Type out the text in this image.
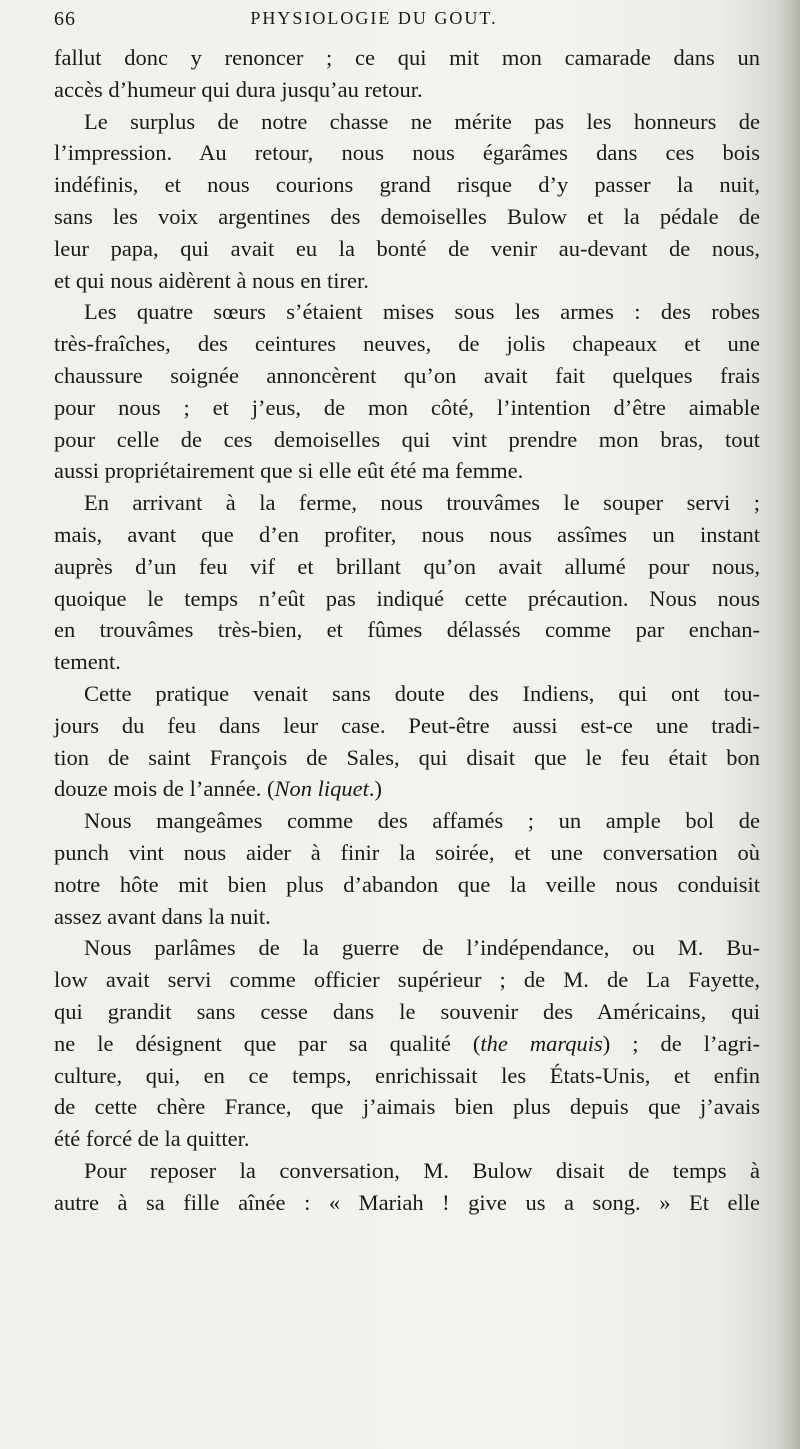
66	PHYSIOLOGIE DU GOUT.
fallut donc y renoncer ; ce qui mit mon camarade dans un
accès d’humeur qui dura jusqu’au retour.
Le surplus de notre chasse ne mérite pas les honneurs de
l’impression. Au retour, nous nous égarâmes dans ces bois
indéfinis, et nous courions grand risque d’y passer la nuit,
sans les voix argentines des demoiselles Bulow et la pédale de
leur papa, qui avait eu la bonté de venir au-devant de nous,
et qui nous aidèrent à nous en tirer.
Les quatre sœurs s’étaient mises sous les armes : des robes
très-fraîches, des ceintures neuves, de jolis chapeaux et une
chaussure soignée annoncèrent qu’on avait fait quelques frais
pour nous ; et j’eus, de mon côté, l’intention d’être aimable
pour celle de ces demoiselles qui vint prendre mon bras, tout
aussi propriétairement que si elle eût été ma femme.
En arrivant à la ferme, nous trouvâmes le souper servi ;
mais, avant que d’en profiter, nous nous assîmes un instant
auprès d’un feu vif et brillant qu’on avait allumé pour nous,
quoique le temps n’eût pas indiqué cette précaution. Nous nous
en trouvâmes très-bien, et fûmes délassés comme par enchan-
tement.
Cette pratique venait sans doute des Indiens, qui ont tou-
jours du feu dans leur case. Peut-être aussi est-ce une tradi-
tion de saint François de Sales, qui disait que le feu était bon
douze mois de l’année. (Non liquet.)
Nous mangeâmes comme des affamés ; un ample bol de
punch vint nous aider à finir la soirée, et une conversation où
notre hôte mit bien plus d’abandon que la veille nous conduisit
assez avant dans la nuit.
Nous parlâmes de la guerre de l’indépendance, ou M. Bu-
low avait servi comme officier supérieur ; de M. de La Fayette,
qui grandit sans cesse dans le souvenir des Américains, qui
ne le désignent que par sa qualité (the marquis) ; de l’agri-
culture, qui, en ce temps, enrichissait les États-Unis, et enfin
de cette chère France, que j’aimais bien plus depuis que j’avais
été forcé de la quitter.
Pour reposer la conversation, M. Bulow disait de temps à
autre à sa fille aînée : « Mariah ! give us a song. » Et elle
